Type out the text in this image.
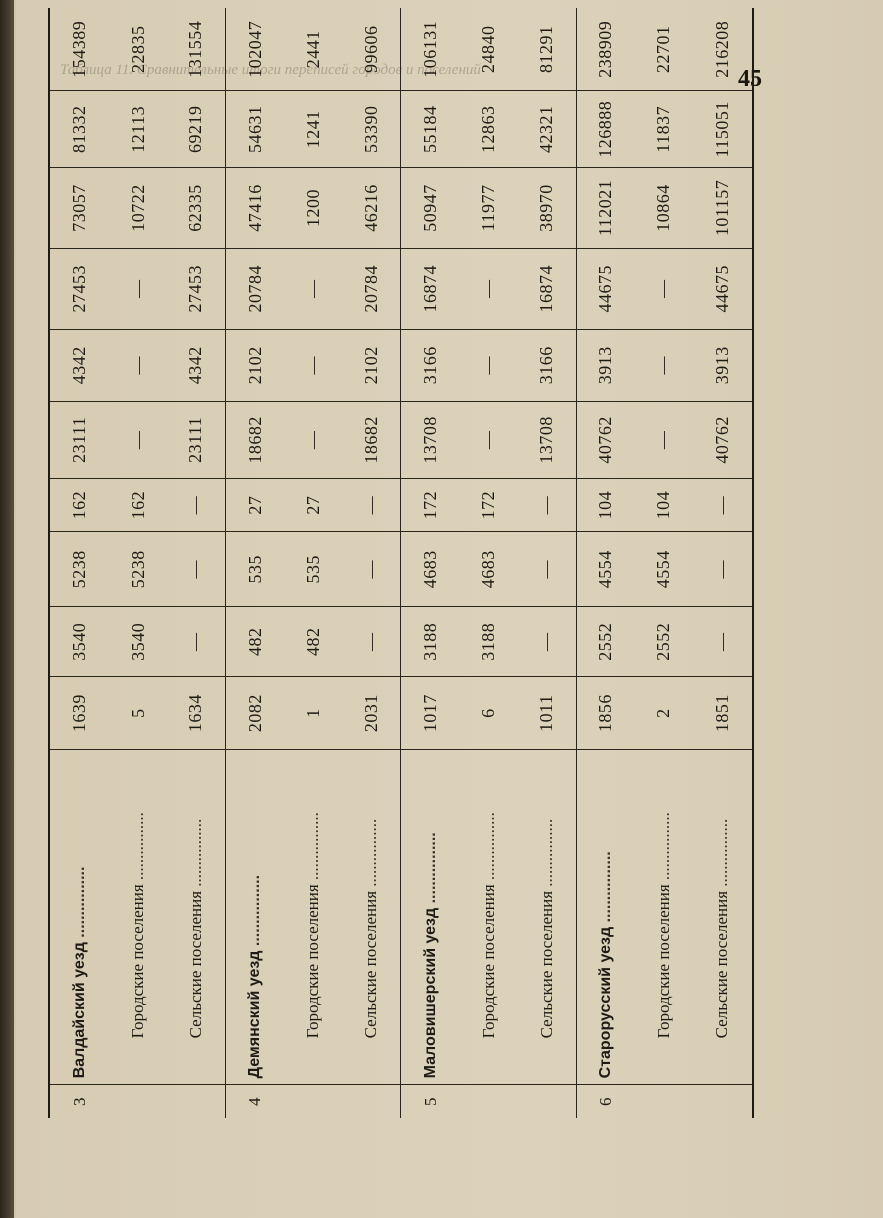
Таблица 11. Сравнительные итоги переписей городов и поселений	45
3	Валдайский уезд ................	1639	3540	5238	162	23111	4342	27453	73057	81332	154389
	Городские поселения ................	5	3540	5238	162	—	—	—	10722	12113	22835
	Сельские поселения ................	1634	—	—	—	23111	4342	27453	62335	69219	131554
4	Демянский уезд ................	2082	482	535	27	18682	2102	20784	47416	54631	102047
	Городские поселения ................	1	482	535	27	—	—	—	1200	1241	2441
	Сельские поселения ................	2031	—	—	—	18682	2102	20784	46216	53390	99606
5	Маловишерский уезд ................	1017	3188	4683	172	13708	3166	16874	50947	55184	106131
	Городские поселения ................	6	3188	4683	172	—	—	—	11977	12863	24840
	Сельские поселения ................	1011	—	—	—	13708	3166	16874	38970	42321	81291
6	Старорусский уезд ................	1856	2552	4554	104	40762	3913	44675	112021	126888	238909
	Городские поселения ................	2	2552	4554	104	—	—	—	10864	11837	22701
	Сельские поселения ................	1851	—	—	—	40762	3913	44675	101157	115051	216208
